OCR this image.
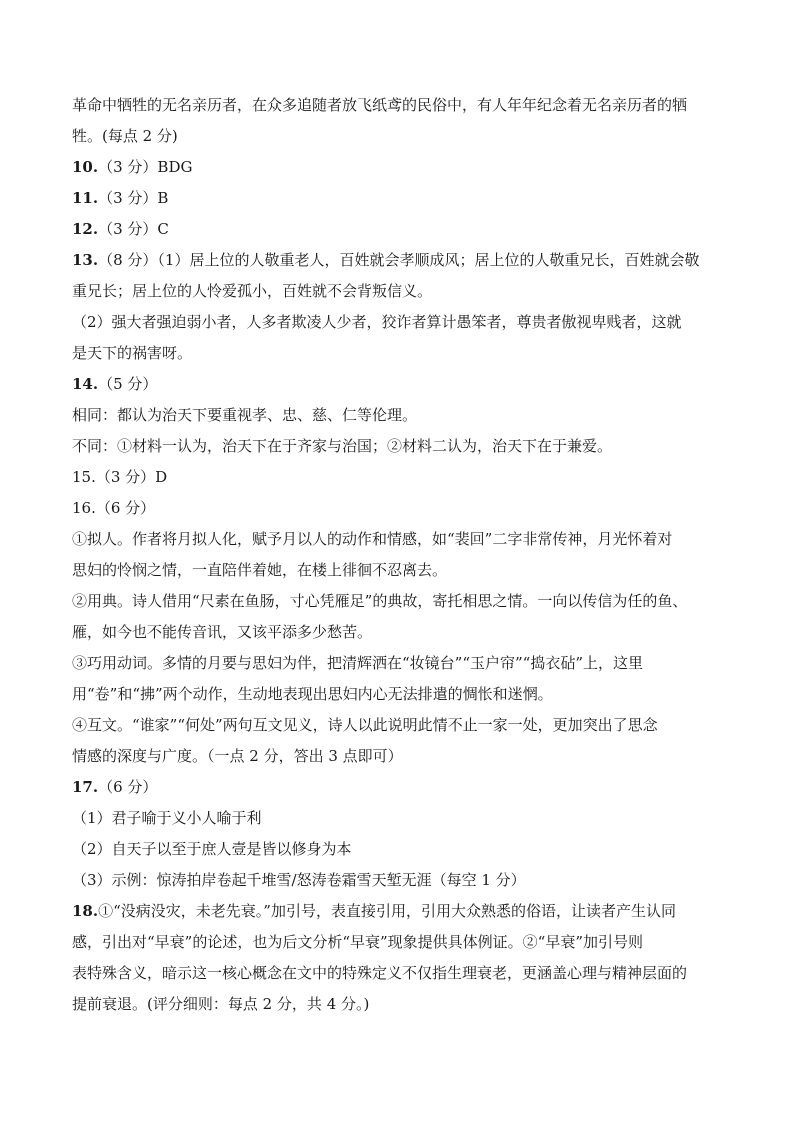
革命中牺牲的无名亲历者，在众多追随者放飞纸鸢的民俗中，有人年年纪念着无名亲历者的牺
牲。(每点 2 分)
10.（3 分）BDG
11.（3 分）B
12.（3 分）C
13.（8 分）（1）居上位的人敬重老人，百姓就会孝顺成风；居上位的人敬重兄长，百姓就会敬
重兄长；居上位的人怜爱孤小，百姓就不会背叛信义。
（2）强大者强迫弱小者，人多者欺凌人少者，狡诈者算计愚笨者，尊贵者傲视卑贱者，这就
是天下的祸害呀。
14.（5 分）
相同：都认为治天下要重视孝、忠、慈、仁等伦理。
不同：①材料一认为，治天下在于齐家与治国；②材料二认为，治天下在于兼爱。
15.（3 分）D
16.（6 分）
①拟人。作者将月拟人化，赋予月以人的动作和情感，如“裴回”二字非常传神，月光怀着对
思妇的怜悯之情，一直陪伴着她，在楼上徘徊不忍离去。
②用典。诗人借用“尺素在鱼肠，寸心凭雁足”的典故，寄托相思之情。一向以传信为任的鱼、
雁，如今也不能传音讯，又该平添多少愁苦。
③巧用动词。多情的月要与思妇为伴，把清辉洒在“妆镜台”“玉户帘”“捣衣砧”上，这里
用“卷”和“拂”两个动作，生动地表现出思妇内心无法排遣的惆怅和迷惘。
④互文。“谁家”“何处”两句互文见义，诗人以此说明此情不止一家一处，更加突出了思念
情感的深度与广度。（一点 2 分，答出 3 点即可）
17.（6 分）
（1）君子喻于义小人喻于利
（2）自天子以至于庶人壹是皆以修身为本
（3）示例：惊涛拍岸卷起千堆雪/怒涛卷霜雪天堑无涯（每空 1 分）
18.①“没病没灾，未老先衰。”加引号，表直接引用，引用大众熟悉的俗语，让读者产生认同
感，引出对“早衰”的论述，也为后文分析“早衰”现象提供具体例证。②“早衰”加引号则
表特殊含义，暗示这一核心概念在文中的特殊定义不仅指生理衰老，更涵盖心理与精神层面的
提前衰退。(评分细则：每点 2 分，共 4 分。)
